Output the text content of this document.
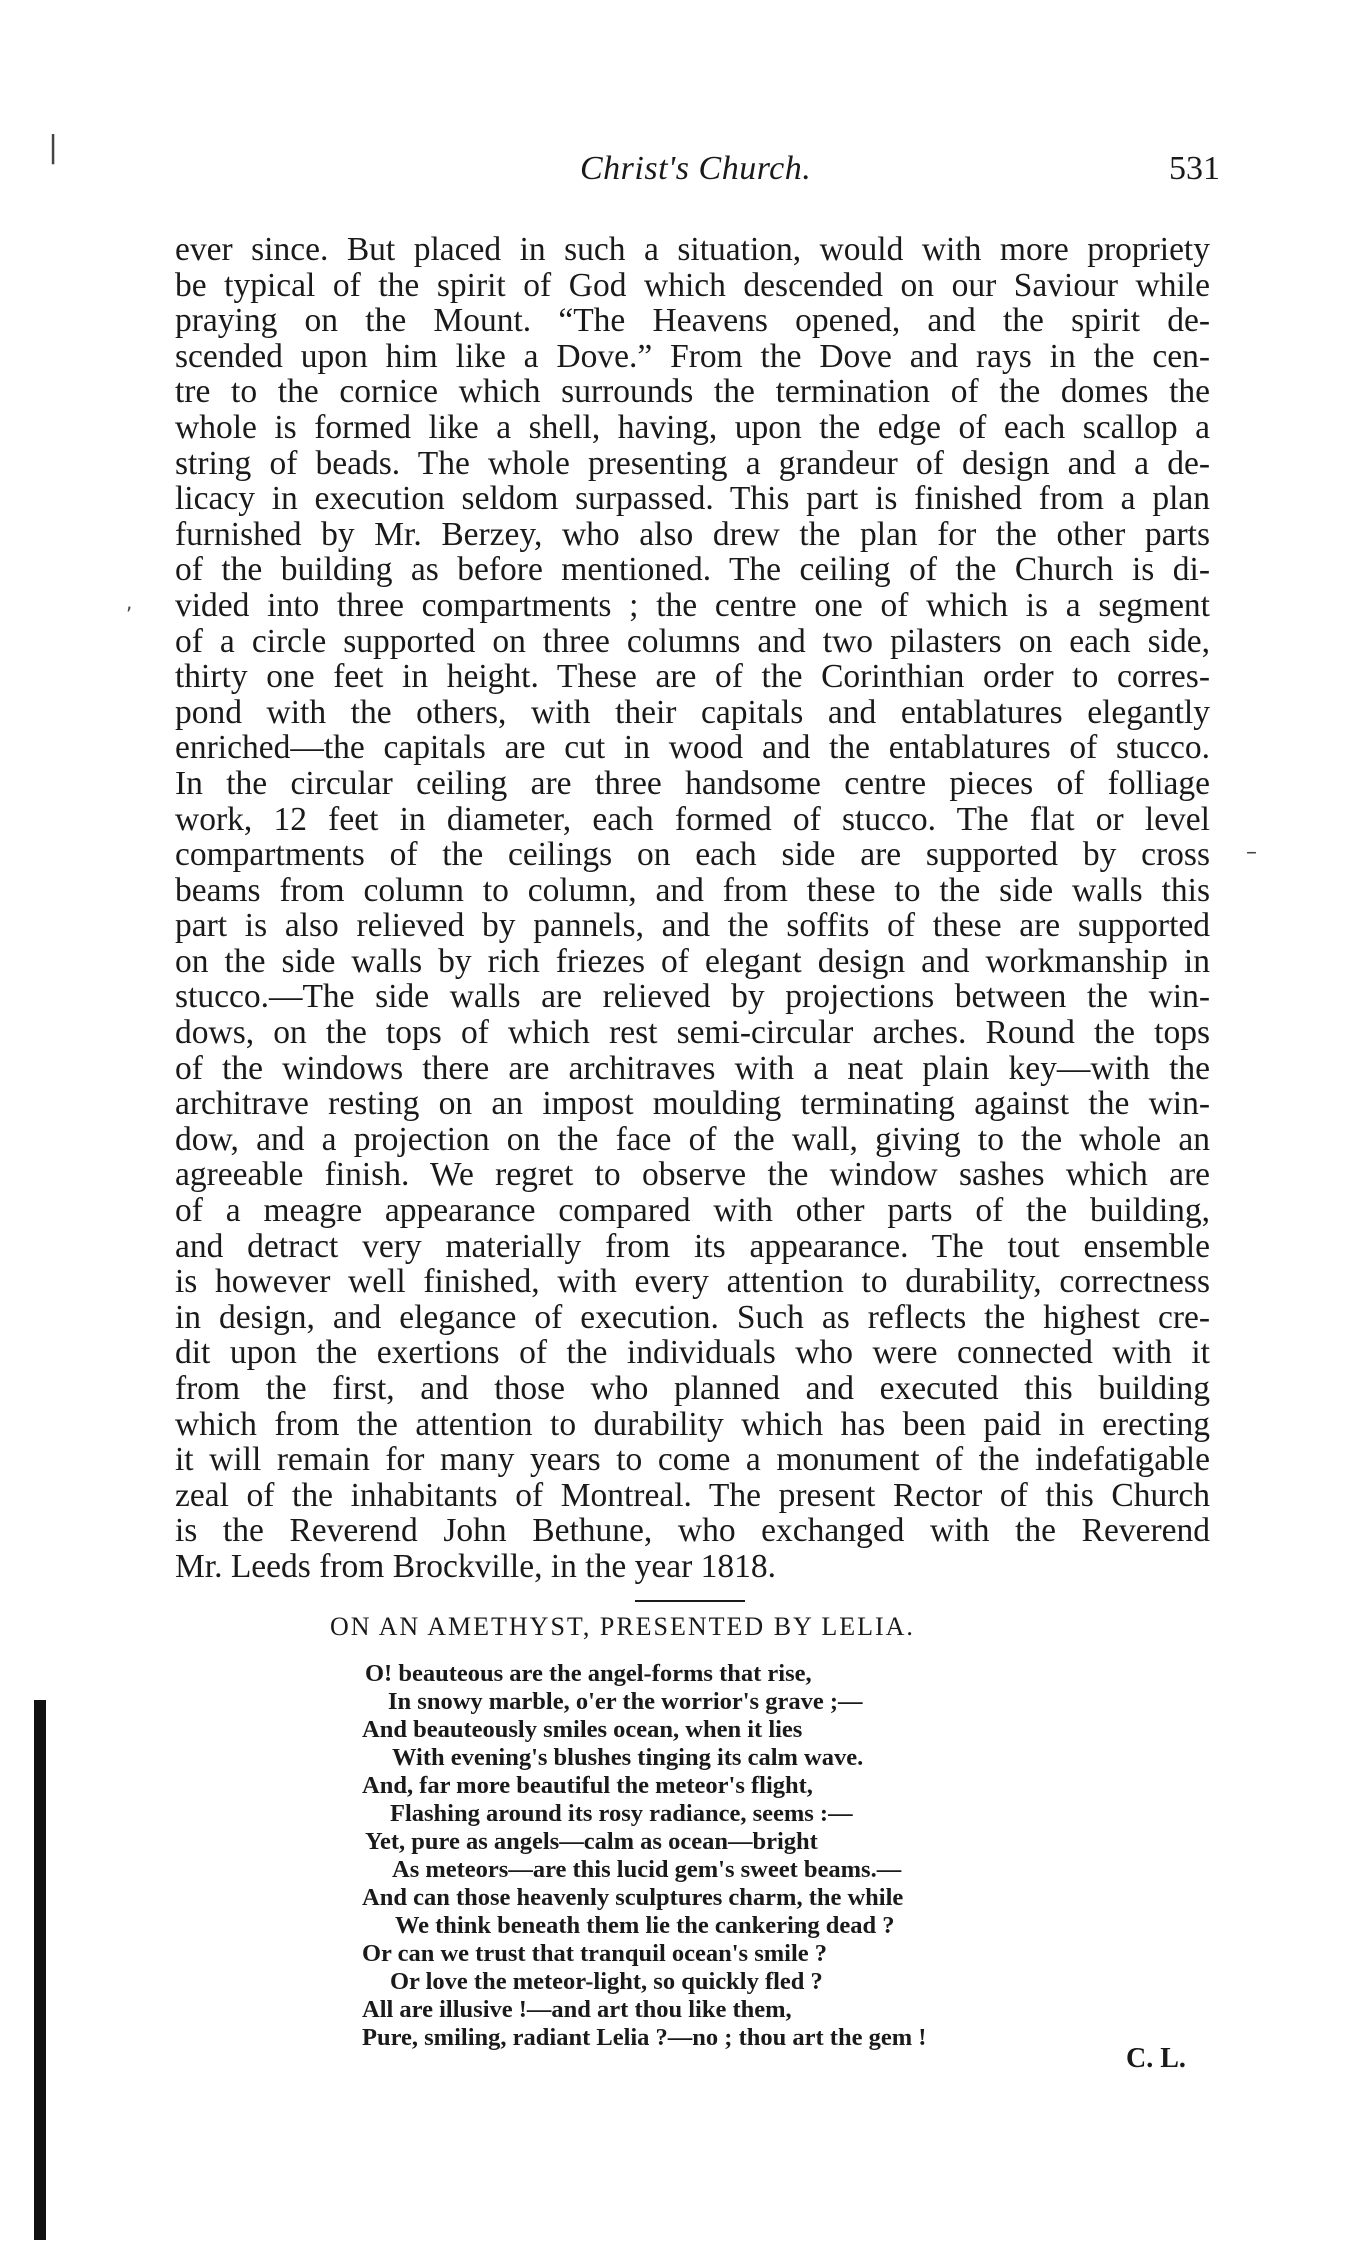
Christ's Church.	531
ever since. But placed in such a situation, would with more propriety
be typical of the spirit of God which descended on our Saviour while
praying on the Mount. “The Heavens opened, and the spirit de-
scended upon him like a Dove.” From the Dove and rays in the cen-
tre to the cornice which surrounds the termination of the domes the
whole is formed like a shell, having, upon the edge of each scallop a
string of beads. The whole presenting a grandeur of design and a de-
licacy in execution seldom surpassed. This part is finished from a plan
furnished by Mr. Berzey, who also drew the plan for the other parts
of the building as before mentioned. The ceiling of the Church is di-
vided into three compartments ; the centre one of which is a segment
of a circle supported on three columns and two pilasters on each side,
thirty one feet in height. These are of the Corinthian order to corres-
pond with the others, with their capitals and entablatures elegantly
enriched—the capitals are cut in wood and the entablatures of stucco.
In the circular ceiling are three handsome centre pieces of folliage
work, 12 feet in diameter, each formed of stucco. The flat or level
compartments of the ceilings on each side are supported by cross
beams from column to column, and from these to the side walls this
part is also relieved by pannels, and the soffits of these are supported
on the side walls by rich friezes of elegant design and workmanship in
stucco.—The side walls are relieved by projections between the win-
dows, on the tops of which rest semi-circular arches. Round the tops
of the windows there are architraves with a neat plain key—with the
architrave resting on an impost moulding terminating against the win-
dow, and a projection on the face of the wall, giving to the whole an
agreeable finish. We regret to observe the window sashes which are
of a meagre appearance compared with other parts of the building,
and detract very materially from its appearance. The tout ensemble
is however well finished, with every attention to durability, correctness
in design, and elegance of execution. Such as reflects the highest cre-
dit upon the exertions of the individuals who were connected with it
from the first, and those who planned and executed this building
which from the attention to durability which has been paid in erecting
it will remain for many years to come a monument of the indefatigable
zeal of the inhabitants of Montreal. The present Rector of this Church
is the Reverend John Bethune, who exchanged with the Reverend
Mr. Leeds from Brockville, in the year 1818.
ON AN AMETHYST, PRESENTED BY LELIA.
O! beauteous are the angel-forms that rise,
In snowy marble, o'er the worrior's grave ;—
And beauteously smiles ocean, when it lies
With evening's blushes tinging its calm wave.
And, far more beautiful the meteor's flight,
Flashing around its rosy radiance, seems :—
Yet, pure as angels—calm as ocean—bright
As meteors—are this lucid gem's sweet beams.—
And can those heavenly sculptures charm, the while
We think beneath them lie the cankering dead ?
Or can we trust that tranquil ocean's smile ?
Or love the meteor-light, so quickly fled ?
All are illusive !—and art thou like them,
Pure, smiling, radiant Lelia ?—no ; thou art the gem !
C. L.
|
,
–
